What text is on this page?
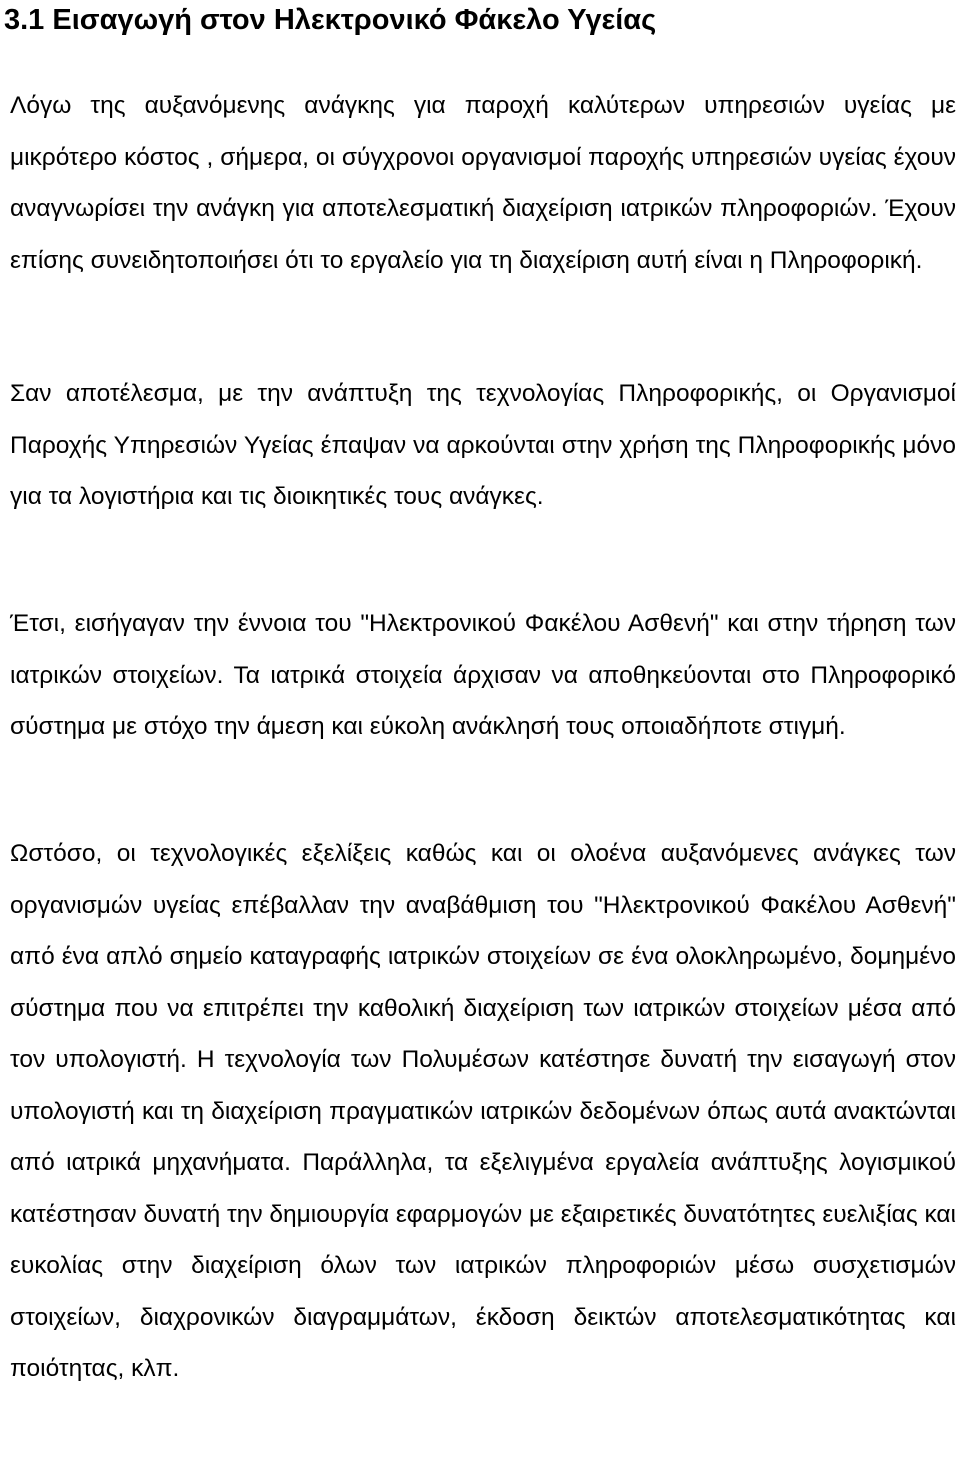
3.1 Εισαγωγή στον Ηλεκτρονικό Φάκελο Υγείας

Λόγω της αυξανόμενης ανάγκης για παροχή καλύτερων υπηρεσιών υγείας με μικρότερο κόστος , σήμερα, οι σύγχρονοι οργανισμοί παροχής υπηρεσιών υγείας έχουν αναγνωρίσει την ανάγκη για αποτελεσματική διαχείριση ιατρικών πληροφοριών. Έχουν επίσης συνειδητοποιήσει ότι το εργαλείο για τη διαχείριση αυτή είναι η Πληροφορική.

Σαν αποτέλεσμα, με την ανάπτυξη της τεχνολογίας Πληροφορικής, οι Οργανισμοί Παροχής Υπηρεσιών Υγείας έπαψαν να αρκούνται στην χρήση της Πληροφορικής μόνο για τα λογιστήρια και τις διοικητικές τους ανάγκες.

Έτσι, εισήγαγαν την έννοια του "Ηλεκτρονικού Φακέλου Ασθενή" και στην τήρηση των ιατρικών στοιχείων. Τα ιατρικά στοιχεία άρχισαν να αποθηκεύονται στο Πληροφορικό σύστημα με στόχο την άμεση και εύκολη ανάκλησή τους οποιαδήποτε στιγμή.

Ωστόσο, οι τεχνολογικές εξελίξεις καθώς και οι ολοένα αυξανόμενες ανάγκες των οργανισμών υγείας επέβαλλαν την αναβάθμιση του "Ηλεκτρονικού Φακέλου Ασθενή" από ένα απλό σημείο καταγραφής ιατρικών στοιχείων σε ένα ολοκληρωμένο, δομημένο σύστημα που να επιτρέπει την καθολική διαχείριση των ιατρικών στοιχείων μέσα από τον υπολογιστή. Η τεχνολογία των Πολυμέσων κατέστησε δυνατή την εισαγωγή στον υπολογιστή και τη διαχείριση πραγματικών ιατρικών δεδομένων όπως αυτά ανακτώνται από ιατρικά μηχανήματα. Παράλληλα, τα εξελιγμένα εργαλεία ανάπτυξης λογισμικού κατέστησαν δυνατή την δημιουργία εφαρμογών με εξαιρετικές δυνατότητες ευελιξίας και ευκολίας στην διαχείριση όλων των ιατρικών πληροφοριών μέσω συσχετισμών στοιχείων, διαχρονικών διαγραμμάτων, έκδοση δεικτών αποτελεσματικότητας και ποιότητας, κλπ.
